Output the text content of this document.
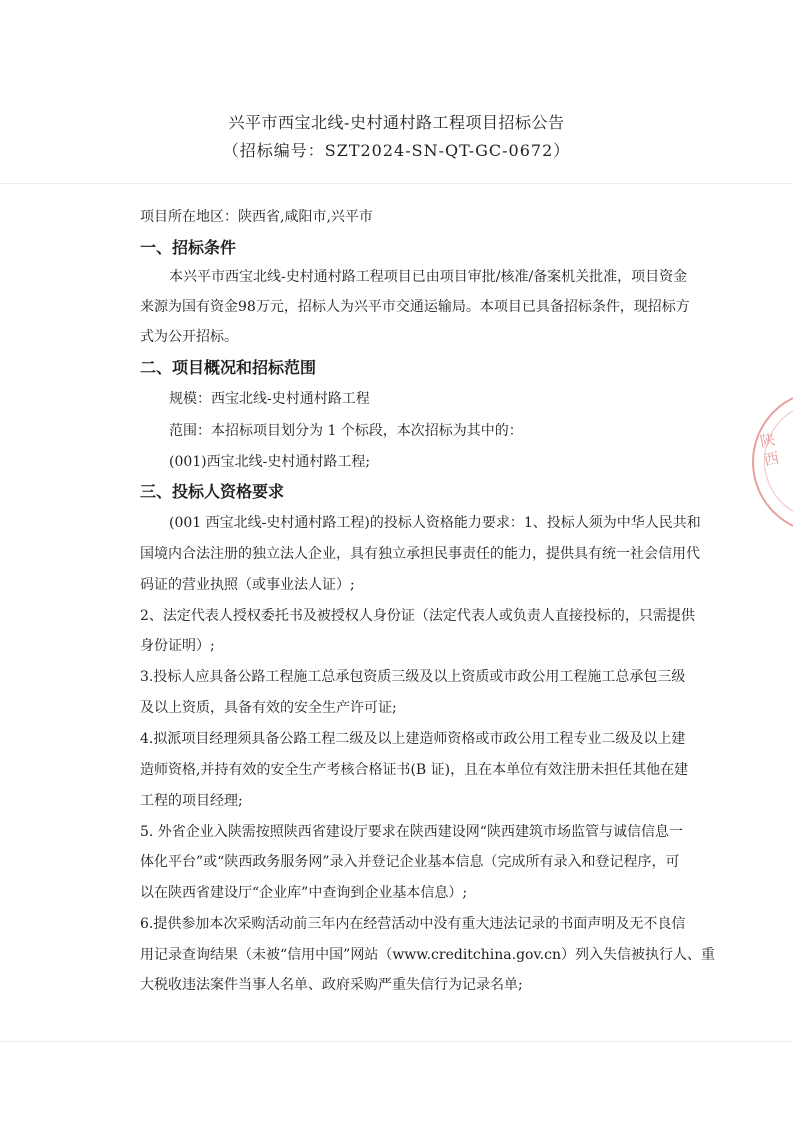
兴平市西宝北线-史村通村路工程项目招标公告
（招标编号：SZT2024-SN-QT-GC-0672）
项目所在地区：陕西省,咸阳市,兴平市
一、招标条件
本兴平市西宝北线-史村通村路工程项目已由项目审批/核准/备案机关批准，项目资金
来源为国有资金98万元，招标人为兴平市交通运输局。本项目已具备招标条件，现招标方
式为公开招标。
二、项目概况和招标范围
规模：西宝北线-史村通村路工程
范围：本招标项目划分为 1 个标段，本次招标为其中的：
(001)西宝北线-史村通村路工程;
三、投标人资格要求
(001 西宝北线-史村通村路工程)的投标人资格能力要求：1、投标人须为中华人民共和
国境内合法注册的独立法人企业，具有独立承担民事责任的能力，提供具有统一社会信用代
码证的营业执照（或事业法人证）;
2、法定代表人授权委托书及被授权人身份证（法定代表人或负责人直接投标的，只需提供
身份证明）;
3.投标人应具备公路工程施工总承包资质三级及以上资质或市政公用工程施工总承包三级
及以上资质，具备有效的安全生产许可证;
4.拟派项目经理须具备公路工程二级及以上建造师资格或市政公用工程专业二级及以上建
造师资格,并持有效的安全生产考核合格证书(B 证)，且在本单位有效注册未担任其他在建
工程的项目经理;
5. 外省企业入陕需按照陕西省建设厅要求在陕西建设网“陕西建筑市场监管与诚信信息一
体化平台”或“陕西政务服务网”录入并登记企业基本信息（完成所有录入和登记程序，可
以在陕西省建设厅“企业库”中查询到企业基本信息）;
6.提供参加本次采购活动前三年内在经营活动中没有重大违法记录的书面声明及无不良信
用记录查询结果（未被“信用中国”网站（www.creditchina.gov.cn）列入失信被执行人、重
大税收违法案件当事人名单、政府采购严重失信行为记录名单;
陕西
